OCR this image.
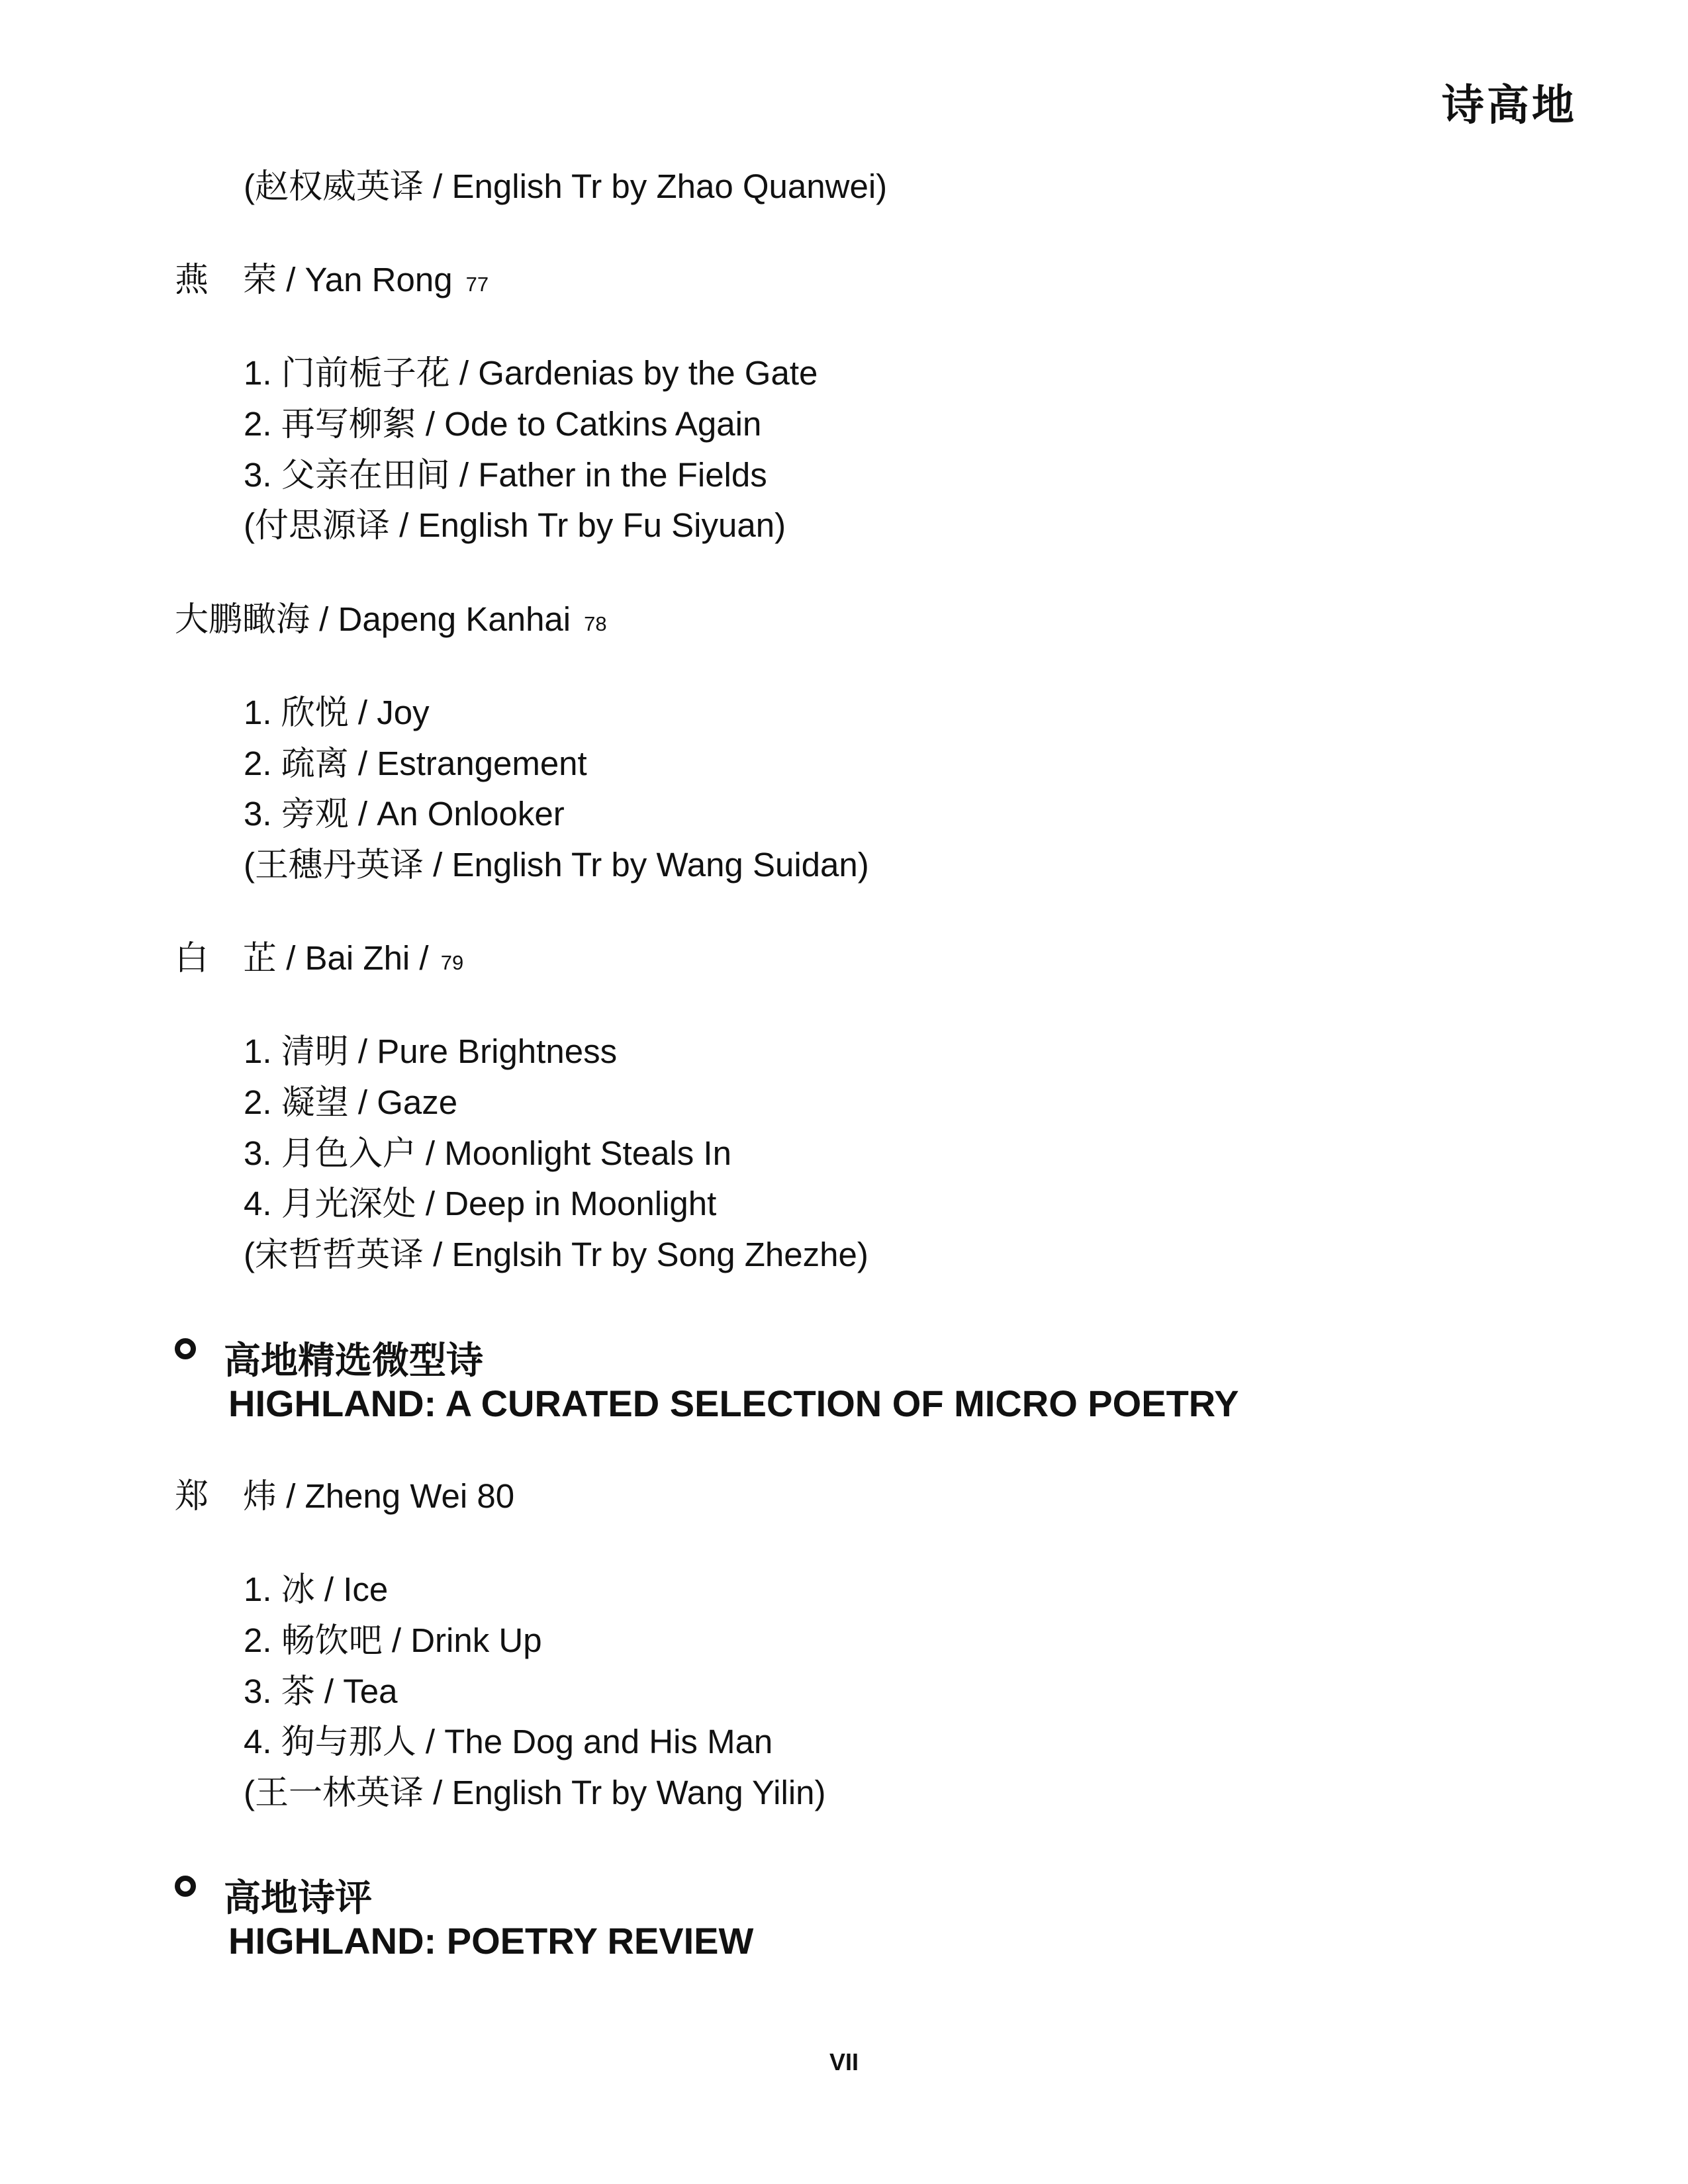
诗高地
(赵权威英译 / English Tr by Zhao Quanwei)
燕 荣 / Yan Rong 77
1. 门前栀子花 / Gardenias by the Gate
2. 再写柳絮 / Ode to Catkins Again
3. 父亲在田间 / Father in the Fields
(付思源译 / English Tr by Fu Siyuan)
大鹏瞰海 / Dapeng Kanhai 78
1. 欣悦 / Joy
2. 疏离 / Estrangement
3. 旁观 / An Onlooker
(王穗丹英译 / English Tr by Wang Suidan)
白 芷 / Bai Zhi / 79
1. 清明 / Pure Brightness
2. 凝望 / Gaze
3. 月色入户 / Moonlight Steals In
4. 月光深处 / Deep in Moonlight
(宋哲哲英译 / Englsih Tr by Song Zhezhe)
高地精选微型诗
HIGHLAND: A CURATED SELECTION OF MICRO POETRY
郑 炜 / Zheng Wei 80
1. 冰 / Ice
2. 畅饮吧 / Drink Up
3. 茶 / Tea
4. 狗与那人 / The Dog and His Man
(王一林英译 / English Tr by Wang Yilin)
高地诗评
HIGHLAND: POETRY REVIEW
VII
